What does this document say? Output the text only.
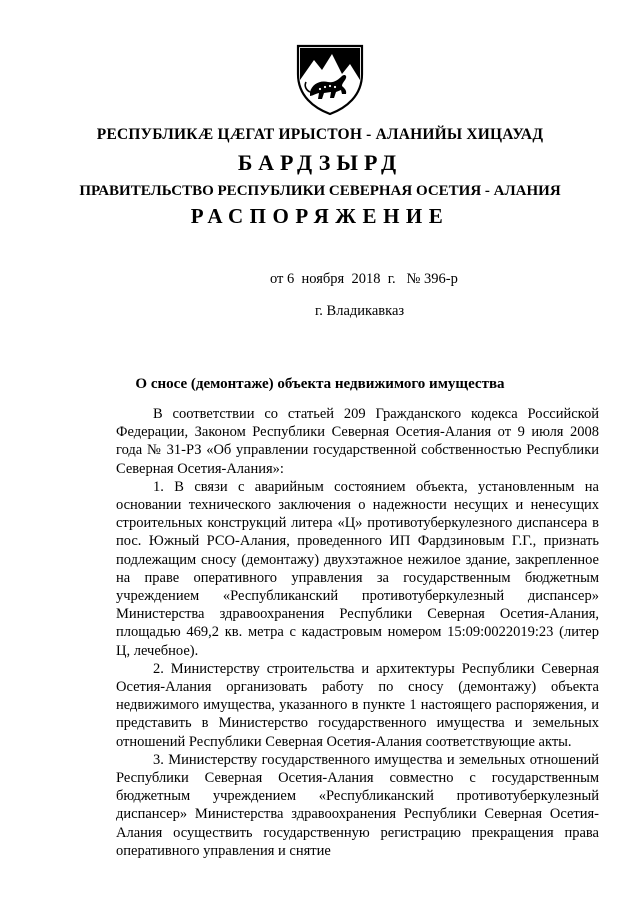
РЕСПУБЛИКӔ ЦӔГАТ ИРЫСТОН - АЛАНИЙЫ ХИЦАУАД
БАРДЗЫРД
ПРАВИТЕЛЬСТВО РЕСПУБЛИКИ СЕВЕРНАЯ ОСЕТИЯ - АЛАНИЯ
РАСПОРЯЖЕНИЕ
от 6  ноября  2018  г.   № 396-р
г. Владикавказ
О сносе (демонтаже) объекта недвижимого имущества

В соответствии со статьей 209 Гражданского кодекса Российской Федерации, Законом Республики Северная Осетия-Алания от 9 июля 2008 года № 31-РЗ «Об управлении государственной собственностью Республики Северная Осетия-Алания»:

1. В связи с аварийным состоянием объекта, установленным на основании технического заключения о надежности несущих и ненесущих строительных конструкций литера «Ц» противотуберкулезного диспансера в пос. Южный РСО-Алания, проведенного ИП Фардзиновым Г.Г., признать подлежащим сносу (демонтажу) двухэтажное нежилое здание, закрепленное на праве оперативного управления за государственным бюджетным учреждением «Республиканский противотуберкулезный диспансер» Министерства здравоохранения Республики Северная Осетия-Алания, площадью 469,2 кв. метра с кадастровым номером 15:09:0022019:23 (литер Ц, лечебное).

2. Министерству строительства и архитектуры Республики Северная Осетия-Алания организовать работу по сносу (демонтажу) объекта недвижимого имущества, указанного в пункте 1 настоящего распоряжения, и представить в Министерство государственного имущества и земельных отношений Республики Северная Осетия-Алания соответствующие акты.

3. Министерству государственного имущества и земельных отношений Республики Северная Осетия-Алания совместно с государственным бюджетным учреждением «Республиканский противотуберкулезный диспансер» Министерства здравоохранения Республики Северная Осетия-Алания осуществить государственную регистрацию прекращения права оперативного управления и снятие
